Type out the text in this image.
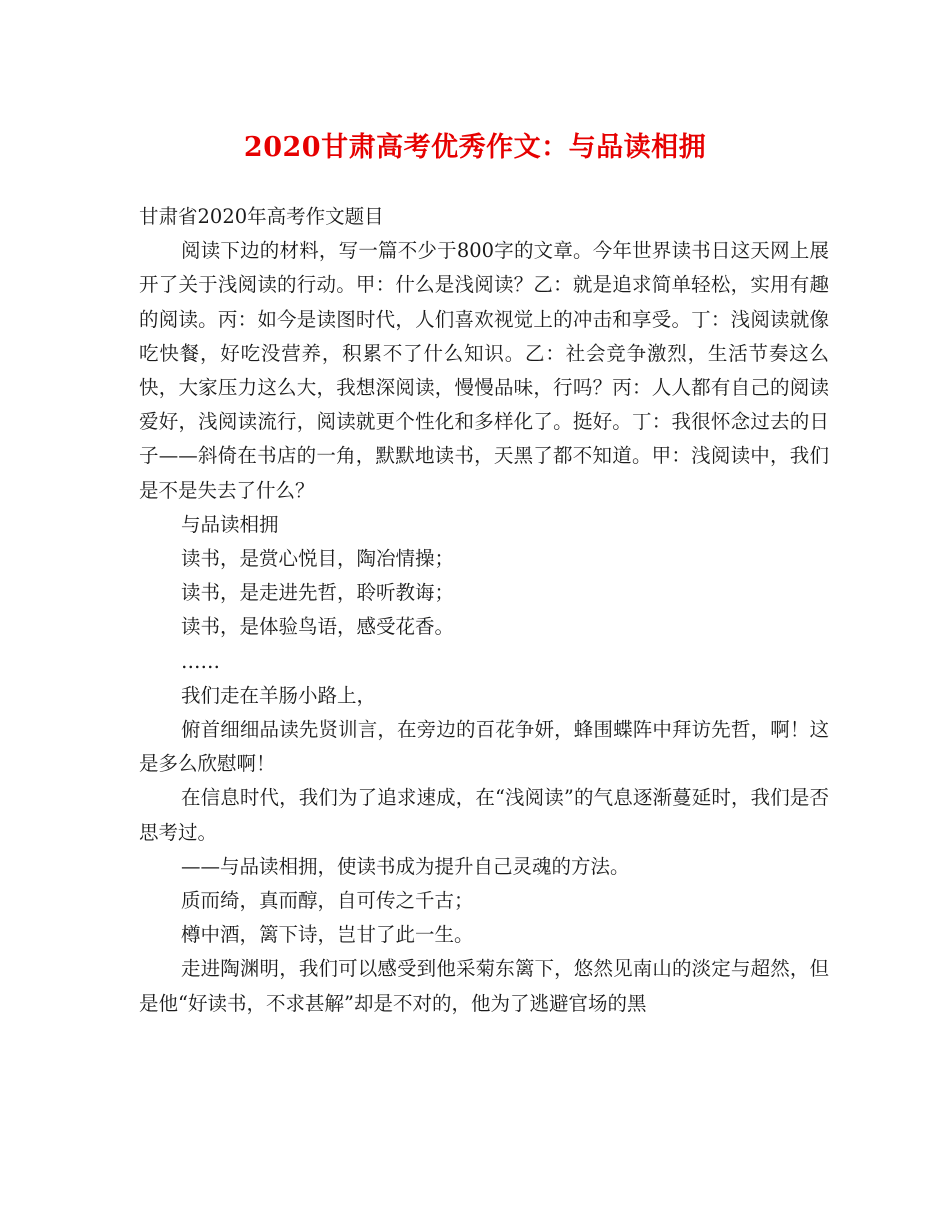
2020甘肃高考优秀作文：与品读相拥

甘肃省2020年高考作文题目

阅读下边的材料，写一篇不少于800字的文章。今年世界读书日这天网上展开了关于浅阅读的行动。甲：什么是浅阅读？乙：就是追求简单轻松，实用有趣的阅读。丙：如今是读图时代，人们喜欢视觉上的冲击和享受。丁：浅阅读就像吃快餐，好吃没营养，积累不了什么知识。乙：社会竞争激烈，生活节奏这么快，大家压力这么大，我想深阅读，慢慢品味，行吗？丙：人人都有自己的阅读爱好，浅阅读流行，阅读就更个性化和多样化了。挺好。丁：我很怀念过去的日子——斜倚在书店的一角，默默地读书，天黑了都不知道。甲：浅阅读中，我们是不是失去了什么？

与品读相拥

读书，是赏心悦目，陶冶情操；

读书，是走进先哲，聆听教诲；

读书，是体验鸟语，感受花香。

……

我们走在羊肠小路上，

俯首细细品读先贤训言，在旁边的百花争妍，蜂围蝶阵中拜访先哲，啊！这是多么欣慰啊！

在信息时代，我们为了追求速成，在“浅阅读”的气息逐渐蔓延时，我们是否思考过。

——与品读相拥，使读书成为提升自己灵魂的方法。

质而绮，真而醇，自可传之千古；

樽中酒，篱下诗，岂甘了此一生。

走进陶渊明，我们可以感受到他采菊东篱下，悠然见南山的淡定与超然，但是他“好读书，不求甚解”却是不对的，他为了逃避官场的黑
